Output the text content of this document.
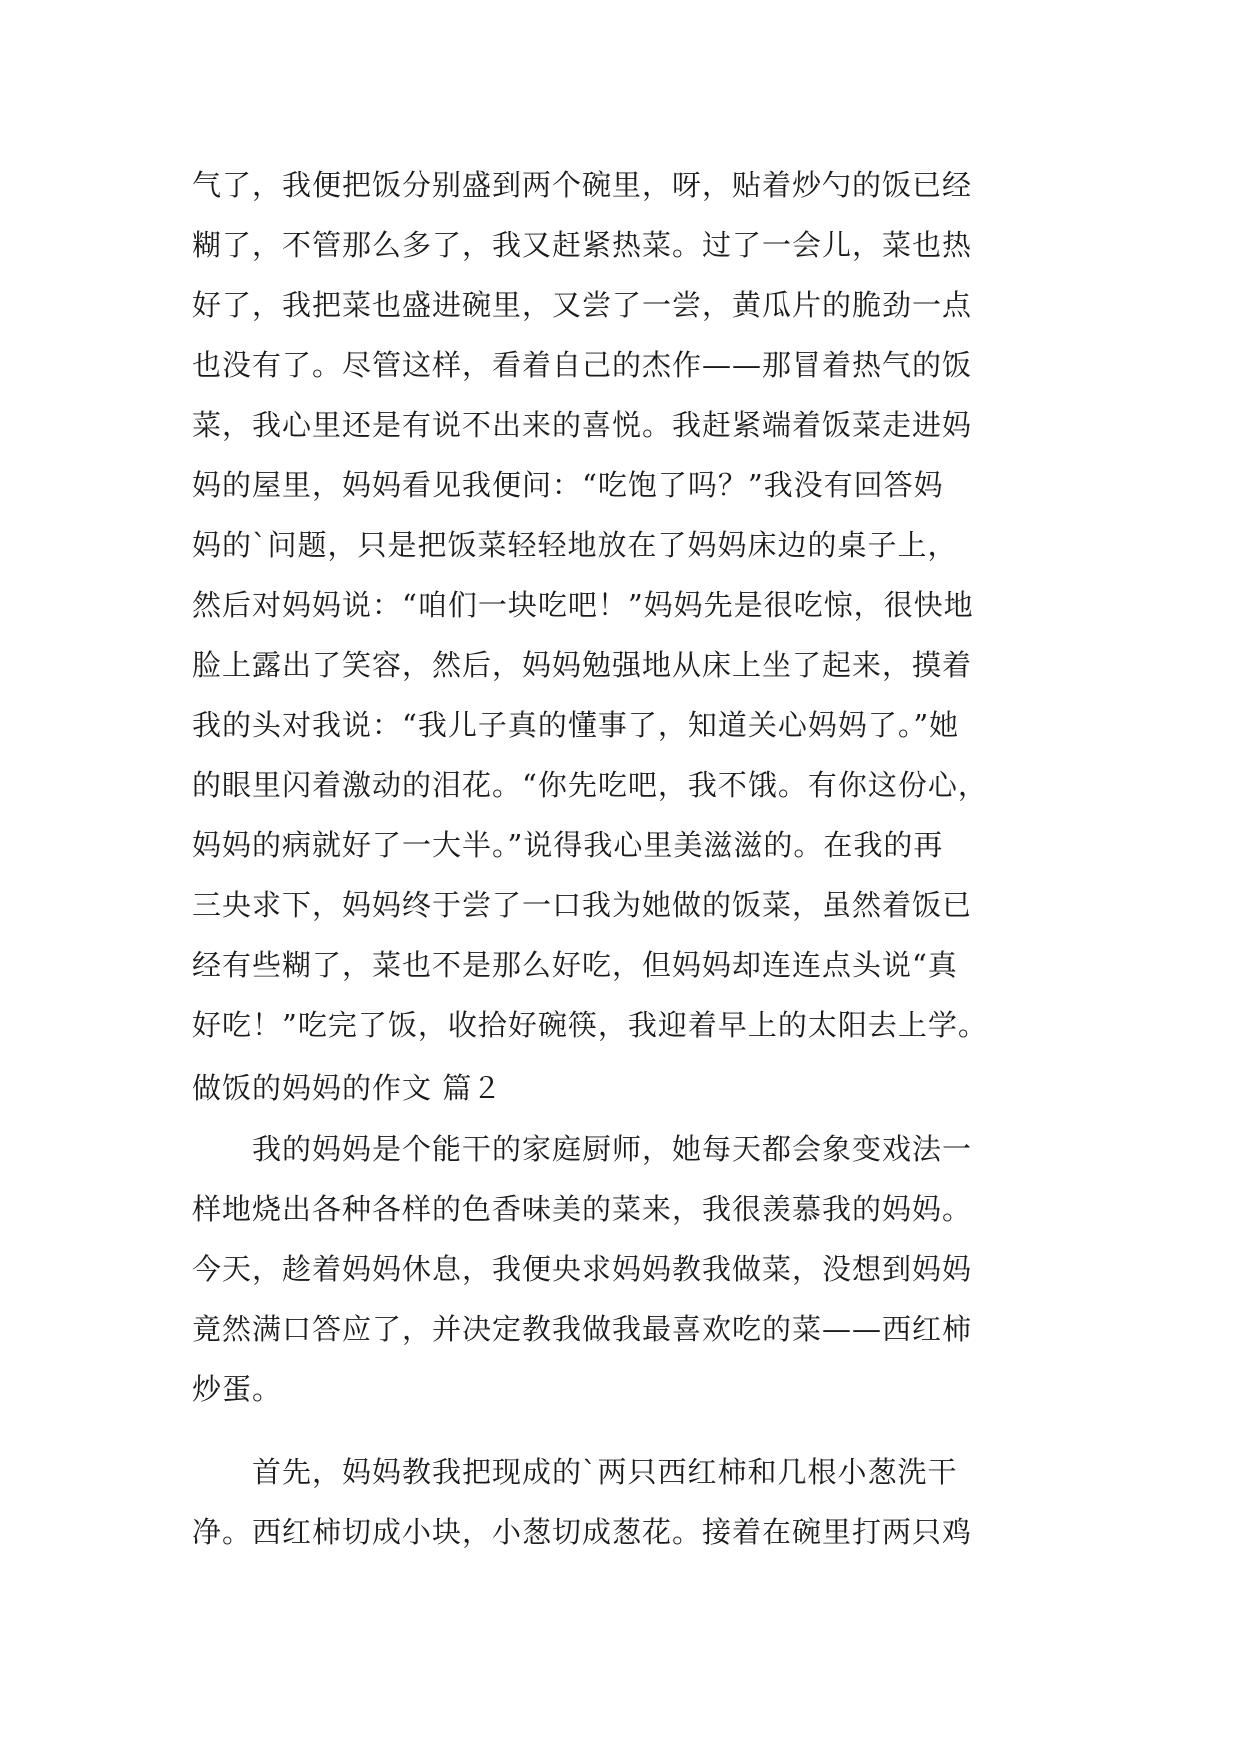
气了，我便把饭分别盛到两个碗里，呀，贴着炒勺的饭已经
糊了，不管那么多了，我又赶紧热菜。过了一会儿，菜也热
好了，我把菜也盛进碗里，又尝了一尝，黄瓜片的脆劲一点
也没有了。尽管这样，看着自己的杰作——那冒着热气的饭
菜，我心里还是有说不出来的喜悦。我赶紧端着饭菜走进妈
妈的屋里，妈妈看见我便问：“吃饱了吗？”我没有回答妈
妈的`问题，只是把饭菜轻轻地放在了妈妈床边的桌子上，
然后对妈妈说：“咱们一块吃吧！”妈妈先是很吃惊，很快地
脸上露出了笑容，然后，妈妈勉强地从床上坐了起来，摸着
我的头对我说：“我儿子真的懂事了，知道关心妈妈了。”她
的眼里闪着激动的泪花。“你先吃吧，我不饿。有你这份心，
妈妈的病就好了一大半。”说得我心里美滋滋的。在我的再
三央求下，妈妈终于尝了一口我为她做的饭菜，虽然着饭已
经有些糊了，菜也不是那么好吃，但妈妈却连连点头说“真
好吃！”吃完了饭，收拾好碗筷，我迎着早上的太阳去上学。
做饭的妈妈的作文 篇２
　　我的妈妈是个能干的家庭厨师，她每天都会象变戏法一
样地烧出各种各样的色香味美的菜来，我很羡慕我的妈妈。
今天，趁着妈妈休息，我便央求妈妈教我做菜，没想到妈妈
竟然满口答应了，并决定教我做我最喜欢吃的菜——西红柿
炒蛋。
　　首先，妈妈教我把现成的`两只西红柿和几根小葱洗干
净。西红柿切成小块，小葱切成葱花。接着在碗里打两只鸡
